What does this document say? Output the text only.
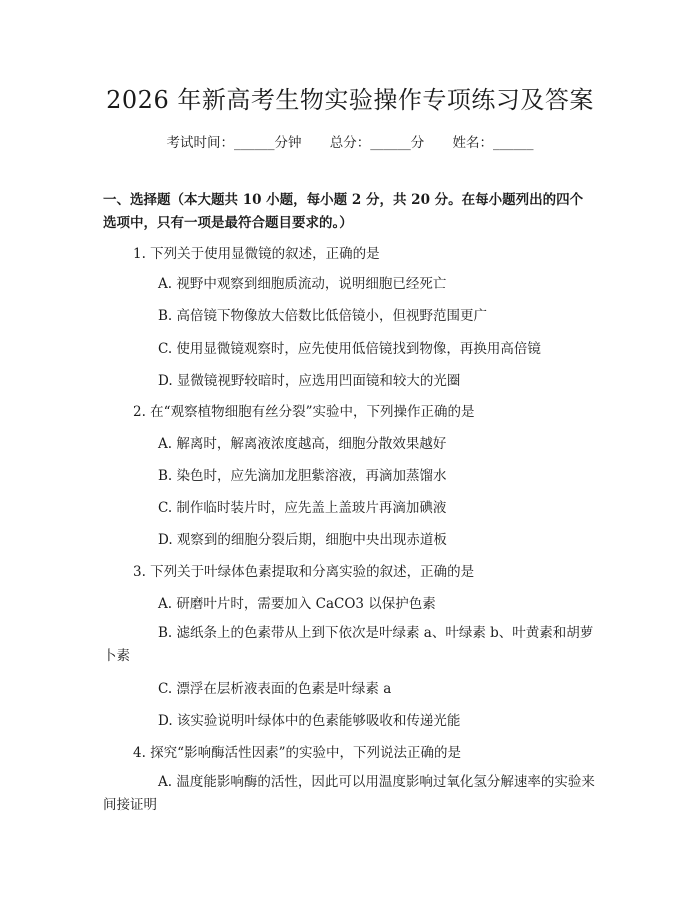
2026 年新高考生物实验操作专项练习及答案
考试时间：______分钟 总分：______分 姓名：______
一、选择题（本大题共 10 小题，每小题 2 分，共 20 分。在每小题列出的四个选项中，只有一项是最符合题目要求的。）
1. 下列关于使用显微镜的叙述，正确的是
A. 视野中观察到细胞质流动，说明细胞已经死亡
B. 高倍镜下物像放大倍数比低倍镜小，但视野范围更广
C. 使用显微镜观察时，应先使用低倍镜找到物像，再换用高倍镜
D. 显微镜视野较暗时，应选用凹面镜和较大的光圈
2. 在“观察植物细胞有丝分裂”实验中，下列操作正确的是
A. 解离时，解离液浓度越高，细胞分散效果越好
B. 染色时，应先滴加龙胆紫溶液，再滴加蒸馏水
C. 制作临时装片时，应先盖上盖玻片再滴加碘液
D. 观察到的细胞分裂后期，细胞中央出现赤道板
3. 下列关于叶绿体色素提取和分离实验的叙述，正确的是
A. 研磨叶片时，需要加入 CaCO3 以保护色素
B. 滤纸条上的色素带从上到下依次是叶绿素 a、叶绿素 b、叶黄素和胡萝卜素
C. 漂浮在层析液表面的色素是叶绿素 a
D. 该实验说明叶绿体中的色素能够吸收和传递光能
4. 探究“影响酶活性因素”的实验中，下列说法正确的是
A. 温度能影响酶的活性，因此可以用温度影响过氧化氢分解速率的实验来间接证明
